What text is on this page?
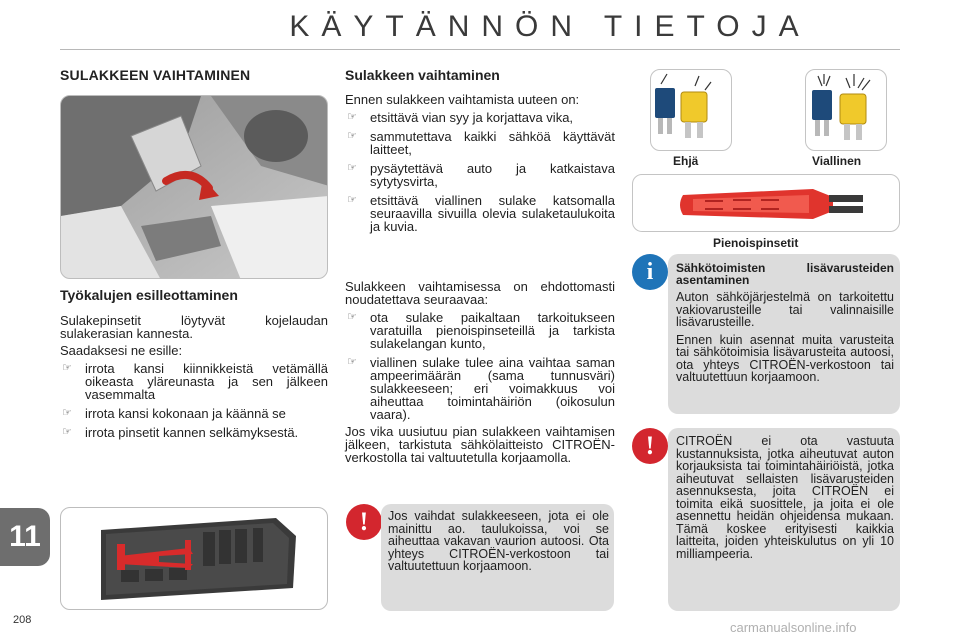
KÄYTÄNNÖN TIETOJA
SULAKKEEN VAIHTAMINEN
Työkalujen esilleottaminen

Sulakepinsetit löytyvät kojelaudan sulakerasian kannesta.

Saadaksesi ne esille:

☞ irrota kansi kiinnikkeistä vetämällä oikeasta yläreunasta ja sen jälkeen vasemmalta
☞ irrota kansi kokonaan ja käännä se
☞ irrota pinsetit kannen selkämyksestä.
11
208
Sulakkeen vaihtaminen

Ennen sulakkeen vaihtamista uuteen on:

☞ etsittävä vian syy ja korjattava vika,
☞ sammutettava kaikki sähköä käyttävät laitteet,
☞ pysäytettävä auto ja katkaistava sytytysvirta,
☞ etsittävä viallinen sulake katsomalla seuraavilla sivuilla olevia sulaketaulukoita ja kuvia.

Sulakkeen vaihtamisessa on ehdottomasti noudatettava seuraavaa:

☞ ota sulake paikaltaan tarkoitukseen varatuilla pienoispinseteillä ja tarkista sulakelangan kunto,
☞ viallinen sulake tulee aina vaihtaa saman ampeerimäärän (sama tunnusväri) sulakkeeseen; eri voimakkuus voi aiheuttaa toimintahäiriön (oikosulun vaara).

Jos vika uusiutuu pian sulakkeen vaihtamisen jälkeen, tarkistuta sähkölaitteisto CITROËN-verkostolla tai valtuutetulla korjaamolla.

!	Jos vaihdat sulakkeeseen, jota ei ole mainittu ao. taulukoissa, voi se aiheuttaa vakavan vaurion autoosi. Ota yhteys CITROËN-verkostoon tai valtuutettuun korjaamoon.
Ehjä	Viallinen
Pienoispinsetit
i	Sähkötoimisten lisävarusteiden asentaminen

Auton sähköjärjestelmä on tarkoitettu vakiovarusteille tai valinnaisille lisävarusteille.

Ennen kuin asennat muita varusteita tai sähkötoimisia lisävarusteita autoosi, ota yhteys CITROËN-verkostoon tai valtuutettuun korjaamoon.

!	CITROËN ei ota vastuuta kustannuksista, jotka aiheutuvat auton korjauksista tai toimintahäiriöistä, jotka aiheutuvat sellaisten lisävarusteiden asennuksesta, joita CITROËN ei toimita eikä suosittele, ja joita ei ole asennettu heidän ohjeidensa mukaan. Tämä koskee erityisesti kaikkia laitteita, joiden yhteiskulutus on yli 10 milliampeeria.
carmanualsonline.info
